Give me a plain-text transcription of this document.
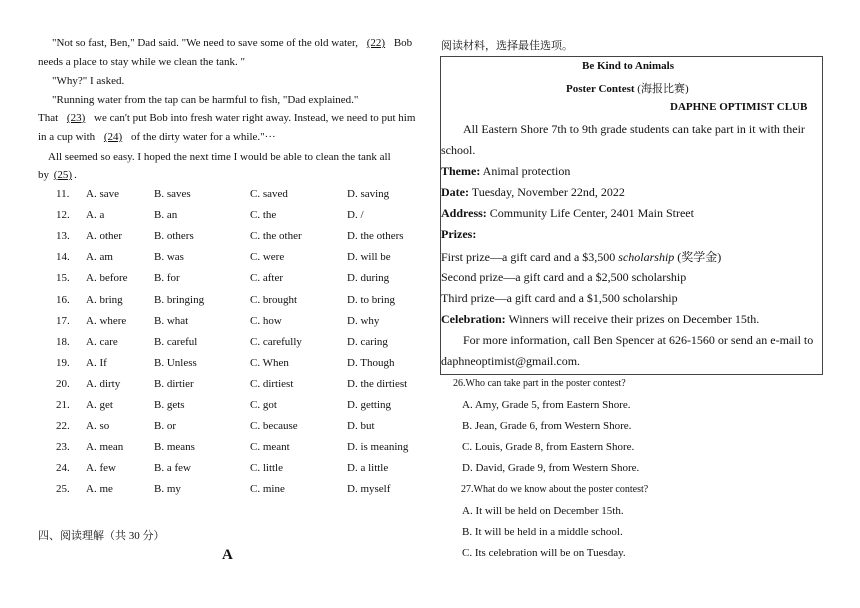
"Not so fast, Ben," Dad said. "We need to save some of the old water, (22) Bob
needs a place to stay while we clean the tank. "
"Why?" I asked.
"Running water from the tap can be harmful to fish, "Dad explained."
That (23) we can't put Bob into fresh water right away. Instead, we need to put him
in a cup with (24) of the dirty water for a while."···
All seemed so easy. I hoped the next time I would be able to clean the tank all
by (25) .
11. A. save	B. saves	C. saved	D. saving
12. A. a	B. an	C. the	D. /
13. A. other	B. others	C. the other	D. the others
14. A. am	B. was	C. were	D. will be
15. A. before B. for	C. after	D. during
16. A. bring	B. bringing	C. brought	D. to bring
17. A. where	B. what	C. how	D. why
18. A. care	B. careful	C. carefully	D. caring
19. A. If	B. Unless	C. When	D. Though
20. A. dirty	B. dirtier	C. dirtiest	D. the dirtiest
21. A. get	B. gets	C. got	D. getting
22. A. so	B. or	C. because	D. but
23. A. mean	B. means	C. meant	D. is meaning
24. A. few	B. a few	C. little	D. a little
25. A. me	B. my	C. mine	D. myself
四、阅读理解（共 30 分）
A
阅读材料，选择最佳选项。
Be Kind to Animals
Poster Contest (海报比赛)
DAPHNE OPTIMIST CLUB
All Eastern Shore 7th to 9th grade students can take part in it with their
school.
Theme: Animal protection
Date: Tuesday, November 22nd, 2022
Address: Community Life Center, 2401 Main Street
Prizes:
First prize—a gift card and a $3,500 scholarship (奖学金)
Second prize—a gift card and a $2,500 scholarship
Third prize—a gift card and a $1,500 scholarship
Celebration: Winners will receive their prizes on December 15th.
For more information, call Ben Spencer at 626-1560 or send an e-mail to
daphneoptimist@gmail.com.
26.Who can take part in the poster contest?
A. Amy, Grade 5, from Eastern Shore.
B. Jean, Grade 6, from Western Shore.
C. Louis, Grade 8, from Eastern Shore.
D. David, Grade 9, from Western Shore.
27.What do we know about the poster contest?
A. It will be held on December 15th.
B. It will be held in a middle school.
C. Its celebration will be on Tuesday.
